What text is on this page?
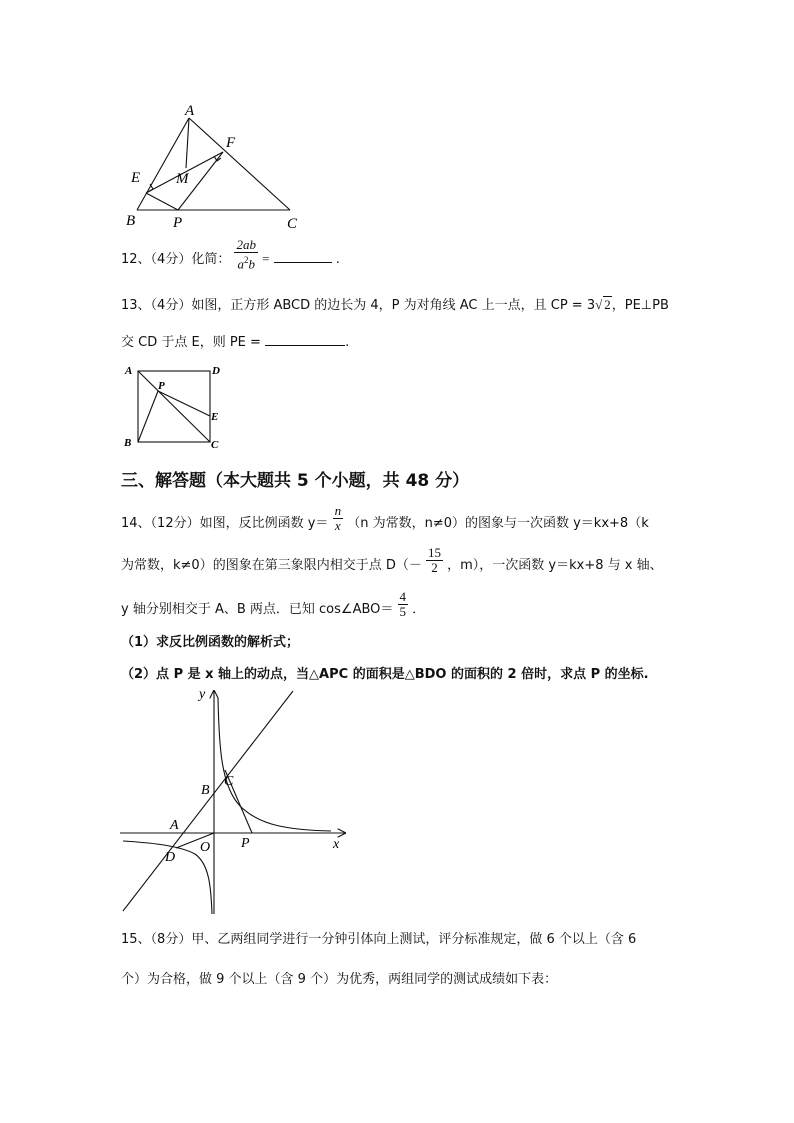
A
F
E M
B	P	C
12、（4分）化简： $\frac{2ab}{a^2b}$ =	.
13、（4分）如图，正方形 ABCD 的边长为 4，P 为对角线 AC 上一点，且 CP = 3√ 2，PE⊥PB
交 CD 于点 E，则 PE =	.
A	D
P
E
B	C
三、解答题（本大题共 5 个小题，共 48 分）
14、（12分）如图，反比例函数 $y= \frac{n}{x} (n$ 为常数，n≠0）的图象与一次函数 y＝kx+8（k
为常数，k≠0）的图象在第三象限内相交于点 $D(- \frac{15}{2}$ ，m），一次函数 y＝kx+8 与 x 轴、
y 轴分别相交于 A、B 两点．已知 cos∠ABO＝ $\frac{4}{5}$ ．
（1）求反比例函数的解析式；
（2）点 P 是 x 轴上的动点，当△APC 的面积是△BDO 的面积的 2 倍时，求点 P 的坐标.
y
x
A
B
C
D
O P
15、（8分）甲、乙两组同学进行一分钟引体向上测试，评分标准规定，做 6 个以上（含 6
个）为合格，做 9 个以上（含 9 个）为优秀，两组同学的测试成绩如下表：
